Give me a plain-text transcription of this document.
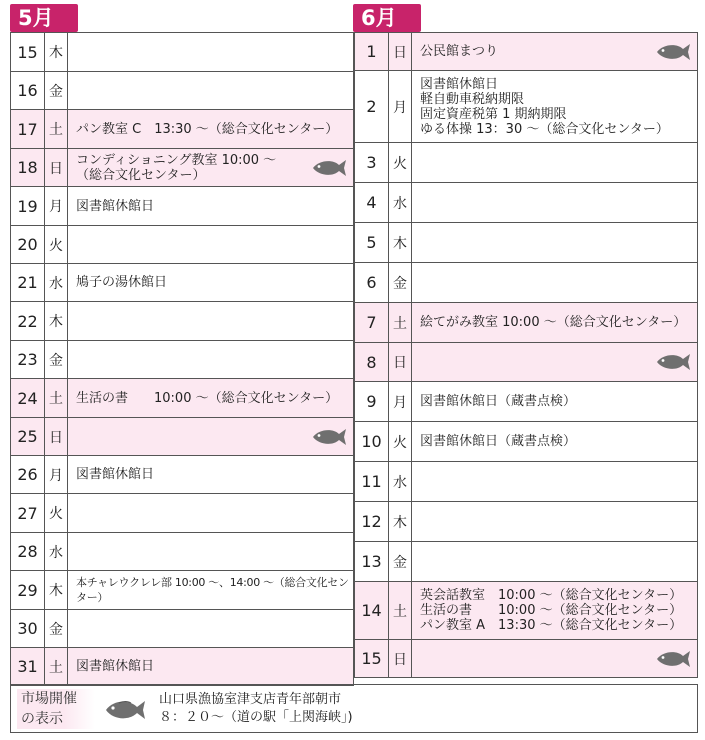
5月	6月
15	木	
16	金	
17	土	パン教室 C　13:30 〜（総合文化センター）
18	日	コンディショニング教室 10:00 〜
（総合文化センター）

19	月	図書館休館日
20	火	
21	水	鳩子の湯休館日
22	木	
23	金	
24	土	生活の書　　10:00 〜（総合文化センター）
25	日	

26	月	図書館休館日
27	火	
28	水	
29	木	本チャレウクレレ部 10:00 〜、14:00 〜（総合文化センター）
30	金	
31	土	図書館休館日
1	日	公民館まつり

2	月	図書館休館日
軽自動車税納期限
固定資産税第 1 期納期限
ゆる体操 13：30 〜（総合文化センター）
3	火	
4	水	
5	木	
6	金	
7	土	絵てがみ教室 10:00 〜（総合文化センター）
8	日	

9	月	図書館休館日（蔵書点検）
10	火	図書館休館日（蔵書点検）
11	水	
12	木	
13	金	
14	土	英会話教室　10:00 〜（総合文化センター）
生活の書　　10:00 〜（総合文化センター）
パン教室 A　13:30 〜（総合文化センター）
15	日	
市場開催
の表示
山口県漁協室津支店青年部朝市
８：２０〜（道の駅「上関海峡」)
